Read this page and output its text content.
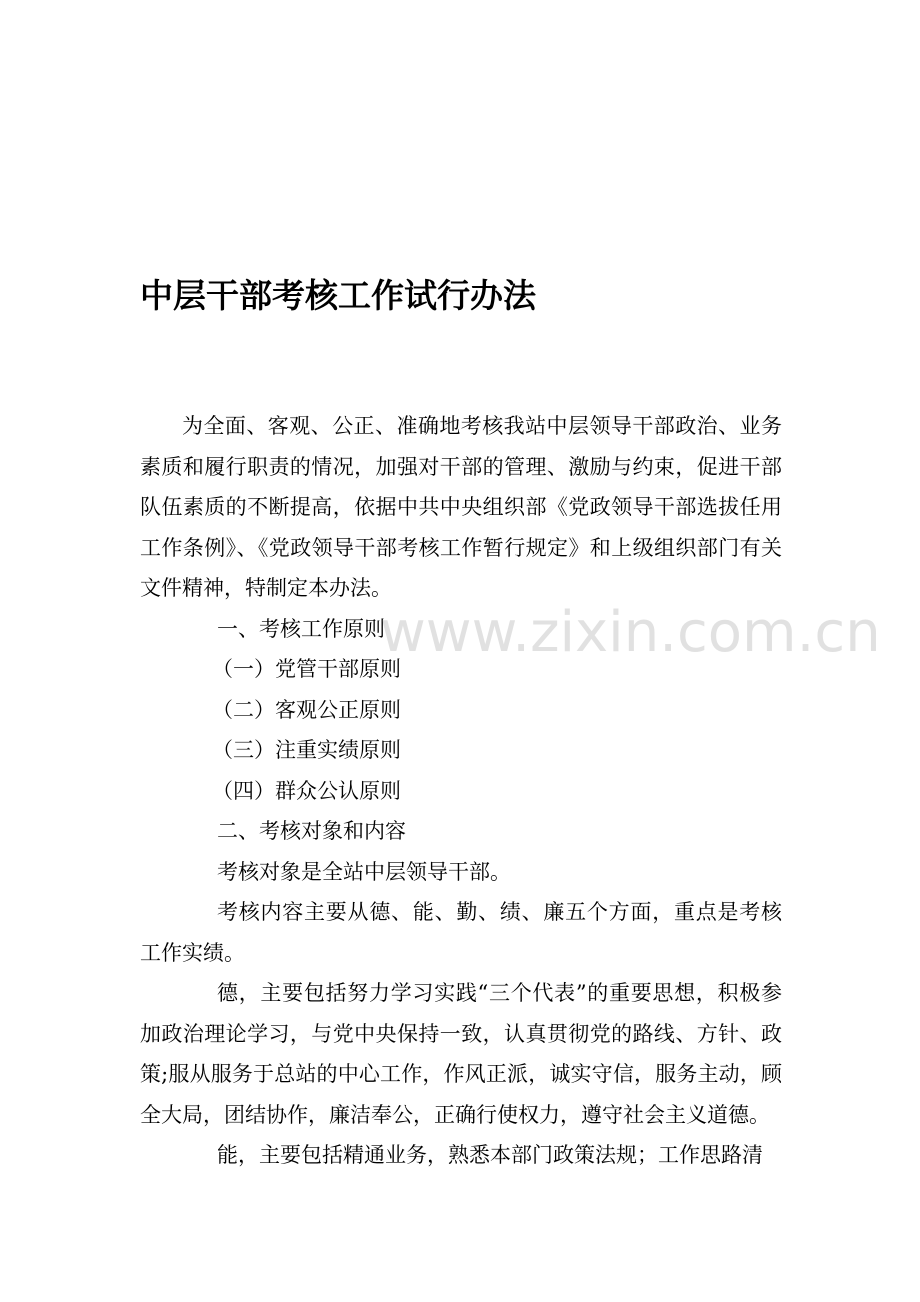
中层干部考核工作试行办法

为全面、客观、公正、准确地考核我站中层领导干部政治、业务素质和履行职责的情况，加强对干部的管理、激励与约束，促进干部队伍素质的不断提高，依据中共中央组织部《党政领导干部选拔任用工作条例》、《党政领导干部考核工作暂行规定》和上级组织部门有关文件精神，特制定本办法。

一、考核工作原则

（一）党管干部原则

（二）客观公正原则

（三）注重实绩原则

（四）群众公认原则

二、考核对象和内容

考核对象是全站中层领导干部。

考核内容主要从德、能、勤、绩、廉五个方面，重点是考核工作实绩。

德，主要包括努力学习实践“三个代表”的重要思想，积极参加政治理论学习，与党中央保持一致，认真贯彻党的路线、方针、政策;服从服务于总站的中心工作，作风正派，诚实守信，服务主动，顾全大局，团结协作，廉洁奉公，正确行使权力，遵守社会主义道德。

能，主要包括精通业务，熟悉本部门政策法规；工作思路清

www.zixin.com.cn
